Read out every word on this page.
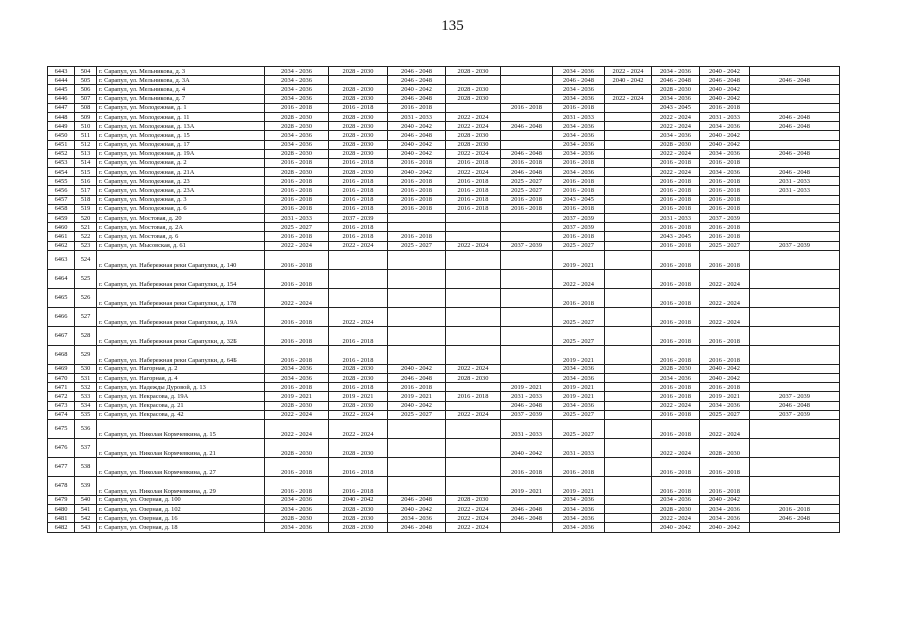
135
6443	504	г. Сарапул, ул. Мельникова, д. 3	2034 - 2036	2028 - 2030	2046 - 2048	2028 - 2030		2034 - 2036	2022 - 2024	2034 - 2036	2040 - 2042	
6444	505	г. Сарапул, ул. Мельникова, д. 3А	2034 - 2036		2046 - 2048			2046 - 2048	2040 - 2042	2046 - 2048	2046 - 2048	2046 - 2048
6445	506	г. Сарапул, ул. Мельникова, д. 4	2034 - 2036	2028 - 2030	2040 - 2042	2028 - 2030		2034 - 2036		2028 - 2030	2040 - 2042	
6446	507	г. Сарапул, ул. Мельникова, д. 7	2034 - 2036	2028 - 2030	2046 - 2048	2028 - 2030		2034 - 2036	2022 - 2024	2034 - 2036	2040 - 2042	
6447	508	г. Сарапул, ул. Молодежная, д. 1	2016 - 2018	2016 - 2018	2016 - 2018		2016 - 2018	2016 - 2018		2043 - 2045	2016 - 2018	
6448	509	г. Сарапул, ул. Молодежная, д. 11	2028 - 2030	2028 - 2030	2031 - 2033	2022 - 2024		2031 - 2033		2022 - 2024	2031 - 2033	2046 - 2048
6449	510	г. Сарапул, ул. Молодежная, д. 13А	2028 - 2030	2028 - 2030	2040 - 2042	2022 - 2024	2046 - 2048	2034 - 2036		2022 - 2024	2034 - 2036	2046 - 2048
6450	511	г. Сарапул, ул. Молодежная, д. 15	2034 - 2036	2028 - 2030	2046 - 2048	2028 - 2030		2034 - 2036		2034 - 2036	2040 - 2042	
6451	512	г. Сарапул, ул. Молодежная, д. 17	2034 - 2036	2028 - 2030	2040 - 2042	2028 - 2030		2034 - 2036		2028 - 2030	2040 - 2042	
6452	513	г. Сарапул, ул. Молодежная, д. 19А	2028 - 2030	2028 - 2030	2040 - 2042	2022 - 2024	2046 - 2048	2034 - 2036		2022 - 2024	2034 - 2036	2046 - 2048
6453	514	г. Сарапул, ул. Молодежная, д. 2	2016 - 2018	2016 - 2018	2016 - 2018	2016 - 2018	2016 - 2018	2016 - 2018		2016 - 2018	2016 - 2018	
6454	515	г. Сарапул, ул. Молодежная, д. 21А	2028 - 2030	2028 - 2030	2040 - 2042	2022 - 2024	2046 - 2048	2034 - 2036		2022 - 2024	2034 - 2036	2046 - 2048
6455	516	г. Сарапул, ул. Молодежная, д. 23	2016 - 2018	2016 - 2018	2016 - 2018	2016 - 2018	2025 - 2027	2016 - 2018		2016 - 2018	2016 - 2018	2031 - 2033
6456	517	г. Сарапул, ул. Молодежная, д. 23А	2016 - 2018	2016 - 2018	2016 - 2018	2016 - 2018	2025 - 2027	2016 - 2018		2016 - 2018	2016 - 2018	2031 - 2033
6457	518	г. Сарапул, ул. Молодежная, д. 3	2016 - 2018	2016 - 2018	2016 - 2018	2016 - 2018	2016 - 2018	2043 - 2045		2016 - 2018	2016 - 2018	
6458	519	г. Сарапул, ул. Молодежная, д. 6	2016 - 2018	2016 - 2018	2016 - 2018	2016 - 2018	2016 - 2018	2016 - 2018		2016 - 2018	2016 - 2018	
6459	520	г. Сарапул, ул. Мостовая, д. 20	2031 - 2033	2037 - 2039				2037 - 2039		2031 - 2033	2037 - 2039	
6460	521	г. Сарапул, ул. Мостовая, д. 2А	2025 - 2027	2016 - 2018				2037 - 2039		2016 - 2018	2016 - 2018	
6461	522	г. Сарапул, ул. Мостовая, д. 6	2016 - 2018	2016 - 2018	2016 - 2018			2016 - 2018		2043 - 2045	2016 - 2018	
6462	523	г. Сарапул, ул. Мысовская, д. 61	2022 - 2024	2022 - 2024	2025 - 2027	2022 - 2024	2037 - 2039	2025 - 2027		2016 - 2018	2025 - 2027	2037 - 2039
6463	524	г. Сарапул, ул. Набережная реки Сарапулки, д. 140	2016 - 2018					2019 - 2021		2016 - 2018	2016 - 2018	
6464	525	г. Сарапул, ул. Набережная реки Сарапулки, д. 154	2016 - 2018					2022 - 2024		2016 - 2018	2022 - 2024	
6465	526	г. Сарапул, ул. Набережная реки Сарапулки, д. 178	2022 - 2024					2016 - 2018		2016 - 2018	2022 - 2024	
6466	527	г. Сарапул, ул. Набережная реки Сарапулки, д. 19А	2016 - 2018	2022 - 2024				2025 - 2027		2016 - 2018	2022 - 2024	
6467	528	г. Сарапул, ул. Набережная реки Сарапулки, д. 32Б	2016 - 2018	2016 - 2018				2025 - 2027		2016 - 2018	2016 - 2018	
6468	529	г. Сарапул, ул. Набережная реки Сарапулки, д. 64Б	2016 - 2018	2016 - 2018				2019 - 2021		2016 - 2018	2016 - 2018	
6469	530	г. Сарапул, ул. Нагорная, д. 2	2034 - 2036	2028 - 2030	2040 - 2042	2022 - 2024		2034 - 2036		2028 - 2030	2040 - 2042	
6470	531	г. Сарапул, ул. Нагорная, д. 4	2034 - 2036	2028 - 2030	2046 - 2048	2028 - 2030		2034 - 2036		2034 - 2036	2040 - 2042	
6471	532	г. Сарапул, ул. Надежды Дуровой, д. 13	2016 - 2018	2016 - 2018	2016 - 2018		2019 - 2021	2019 - 2021		2016 - 2018	2016 - 2018	
6472	533	г. Сарапул, ул. Некрасова, д. 19А	2019 - 2021	2019 - 2021	2019 - 2021	2016 - 2018	2031 - 2033	2019 - 2021		2016 - 2018	2019 - 2021	2037 - 2039
6473	534	г. Сарапул, ул. Некрасова, д. 21	2028 - 2030	2028 - 2030	2040 - 2042		2046 - 2048	2034 - 2036		2022 - 2024	2034 - 2036	2046 - 2048
6474	535	г. Сарапул, ул. Некрасова, д. 42	2022 - 2024	2022 - 2024	2025 - 2027	2022 - 2024	2037 - 2039	2025 - 2027		2016 - 2018	2025 - 2027	2037 - 2039
6475	536	г. Сарапул, ул. Николая Кормчевкина, д. 15	2022 - 2024	2022 - 2024			2031 - 2033	2025 - 2027		2016 - 2018	2022 - 2024	
6476	537	г. Сарапул, ул. Николая Кормчевкина, д. 21	2028 - 2030	2028 - 2030			2040 - 2042	2031 - 2033		2022 - 2024	2028 - 2030	
6477	538	г. Сарапул, ул. Николая Кормчевкина, д. 27	2016 - 2018	2016 - 2018			2016 - 2018	2016 - 2018		2016 - 2018	2016 - 2018	
6478	539	г. Сарапул, ул. Николая Кормчевкина, д. 29	2016 - 2018	2016 - 2018			2019 - 2021	2019 - 2021		2016 - 2018	2016 - 2018	
6479	540	г. Сарапул, ул. Озерная, д. 100	2034 - 2036	2040 - 2042	2046 - 2048	2028 - 2030		2034 - 2036		2034 - 2036	2040 - 2042	
6480	541	г. Сарапул, ул. Озерная, д. 102	2034 - 2036	2028 - 2030	2040 - 2042	2022 - 2024	2046 - 2048	2034 - 2036		2028 - 2030	2034 - 2036	2016 - 2018
6481	542	г. Сарапул, ул. Озерная, д. 16	2028 - 2030	2028 - 2030	2034 - 2036	2022 - 2024	2046 - 2048	2034 - 2036		2022 - 2024	2034 - 2036	2046 - 2048
6482	543	г. Сарапул, ул. Озерная, д. 18	2034 - 2036	2028 - 2030	2046 - 2048	2022 - 2024		2034 - 2036		2040 - 2042	2040 - 2042	
